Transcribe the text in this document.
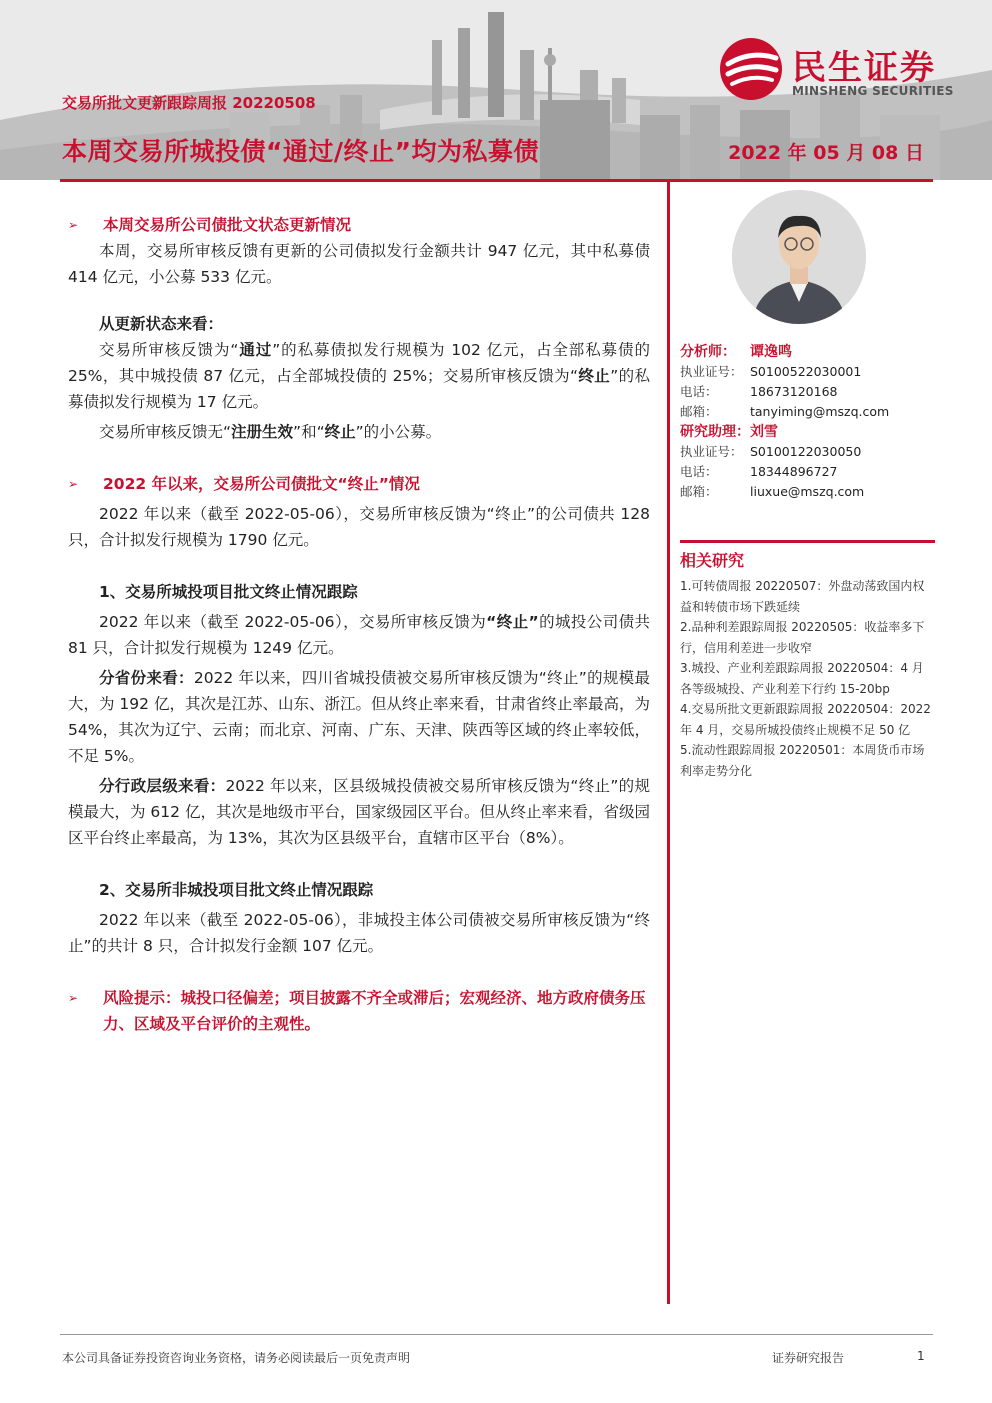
交易所批文更新跟踪周报 20220508
本周交易所城投债“通过/终止”均为私募债	2022 年 05 月 08 日
民生证券
MINSHENG SECURITIES
➢	本周交易所公司债批文状态更新情况

本周，交易所审核反馈有更新的公司债拟发行金额共计 947 亿元，其中私募债 414 亿元，小公募 533 亿元。

从更新状态来看：

交易所审核反馈为“通过”的私募债拟发行规模为 102 亿元，占全部私募债的 25%，其中城投债 87 亿元，占全部城投债的 25%；交易所审核反馈为“终止”的私募债拟发行规模为 17 亿元。

交易所审核反馈无“注册生效”和“终止”的小公募。

➢	2022 年以来，交易所公司债批文“终止”情况

2022 年以来（截至 2022-05-06），交易所审核反馈为“终止”的公司债共 128 只，合计拟发行规模为 1790 亿元。

1、交易所城投项目批文终止情况跟踪

2022 年以来（截至 2022-05-06），交易所审核反馈为“终止”的城投公司债共 81 只，合计拟发行规模为 1249 亿元。

分省份来看：2022 年以来，四川省城投债被交易所审核反馈为“终止”的规模最大，为 192 亿，其次是江苏、山东、浙江。但从终止率来看，甘肃省终止率最高，为 54%，其次为辽宁、云南；而北京、河南、广东、天津、陕西等区域的终止率较低，不足 5%。

分行政层级来看：2022 年以来，区县级城投债被交易所审核反馈为“终止”的规模最大，为 612 亿，其次是地级市平台，国家级园区平台。但从终止率来看，省级园区平台终止率最高，为 13%，其次为区县级平台，直辖市区平台（8%）。

2、交易所非城投项目批文终止情况跟踪

2022 年以来（截至 2022-05-06），非城投主体公司债被交易所审核反馈为“终止”的共计 8 只，合计拟发行金额 107 亿元。

➢	风险提示：城投口径偏差；项目披露不齐全或滞后；宏观经济、地方政府债务压力、区域及平台评价的主观性。
分析师：	谭逸鸣
执业证号： S0100522030001
电话：	18673120168
邮箱：	tanyiming@mszq.com
研究助理： 刘雪
执业证号： S0100122030050
电话：	18344896727
邮箱：	liuxue@mszq.com
相关研究
1.可转债周报 20220507：外盘动荡致国内权益和转债市场下跌延续
2.品种利差跟踪周报 20220505：收益率多下行，信用利差进一步收窄
3.城投、产业利差跟踪周报 20220504：4 月各等级城投、产业利差下行约 15-20bp
4.交易所批文更新跟踪周报 20220504：2022 年 4 月，交易所城投债终止规模不足 50 亿
5.流动性跟踪周报 20220501：本周货币市场利率走势分化
本公司具备证券投资咨询业务资格，请务必阅读最后一页免责声明	证券研究报告	1
